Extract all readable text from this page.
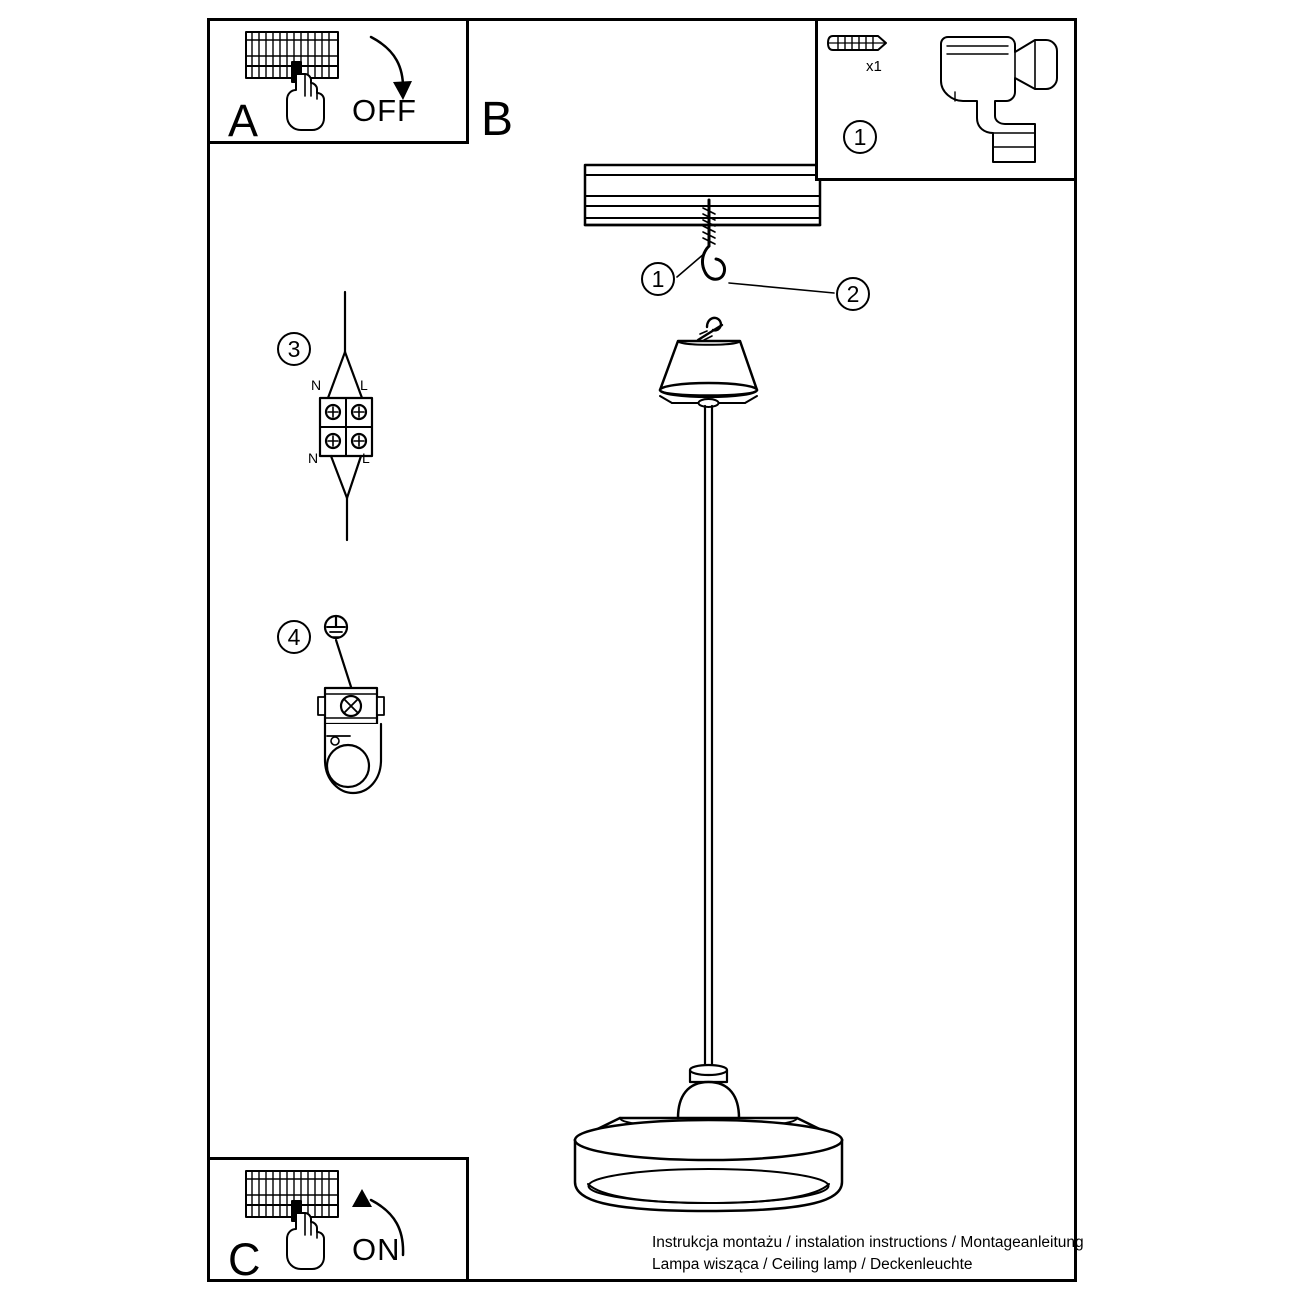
A	OFF B	1
x1
3
N	L
N	L
4
1
2
C	ON	Instrukcja montażu / instalation instructions / Montageanleitung
Lampa wisząca / Ceiling lamp / Deckenleuchte
